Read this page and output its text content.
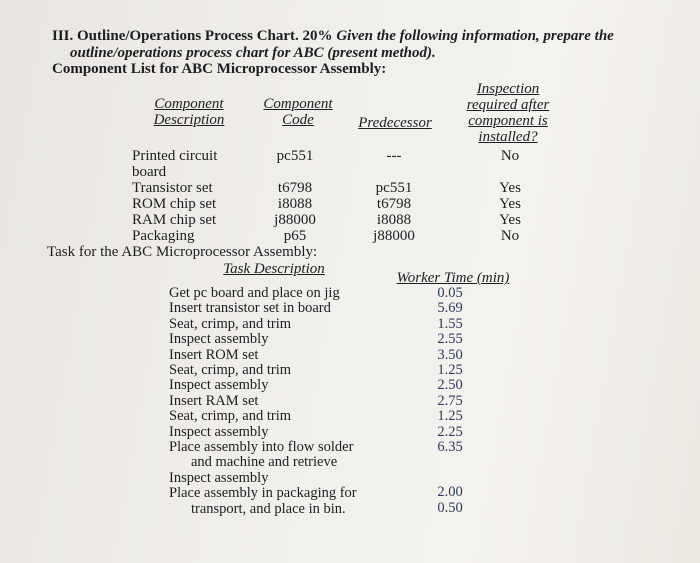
III. Outline/Operations Process Chart. 20% Given the following information, prepare the
outline/operations process chart for ABC (present method).
Component List for ABC Microprocessor Assembly:
Component
Description
Component
Code	Predecessor
Inspection
required after
component is
installed?
Printed circuit
board
Transistor set
ROM chip set
RAM chip set
Packaging
pc551
t6798
i8088
j88000
p65
---
pc551
t6798
i8088
j88000
No
Yes
Yes
Yes
No
Task for the ABC Microprocessor Assembly:
Task Description
Worker Time (min)
Get pc board and place on jig
Insert transistor set in board
Seat, crimp, and trim
Inspect assembly
Insert ROM set
Seat, crimp, and trim
Inspect assembly
Insert RAM set
Seat, crimp, and trim
Inspect assembly
Place assembly into flow solder
and machine and retrieve
Inspect assembly
Place assembly in packaging for
transport, and place in bin.
0.05
5.69
1.55
2.55
3.50
1.25
2.50
2.75
1.25
2.25
6.35
2.00
0.50
